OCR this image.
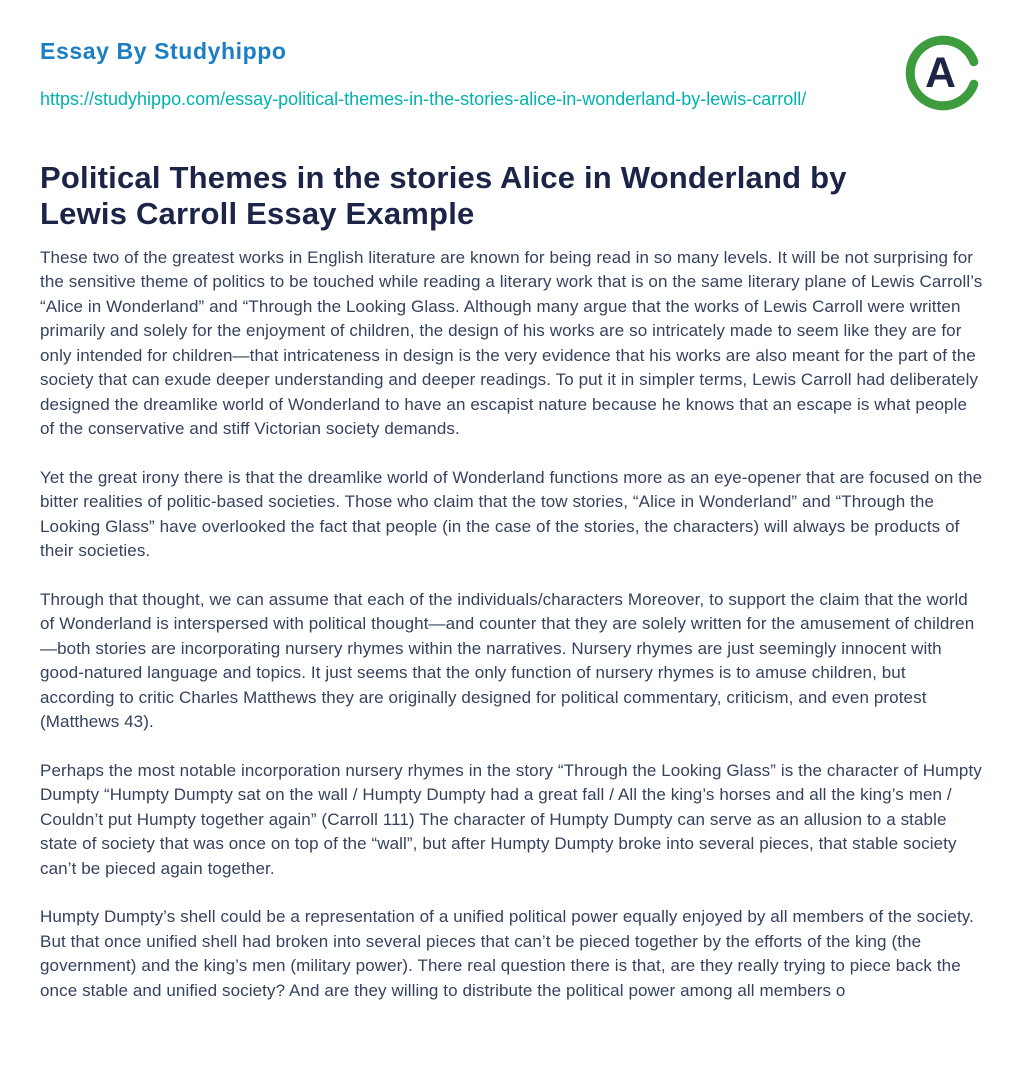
Essay By Studyhippo
https://studyhippo.com/essay-political-themes-in-the-stories-alice-in-wonderland-by-lewis-carroll/
A
Political Themes in the stories Alice in Wonderland by Lewis Carroll Essay Example

These two of the greatest works in English literature are known for being read in so many levels. It will be not surprising for the sensitive theme of politics to be touched while reading a literary work that is on the same literary plane of Lewis Carroll’s “Alice in Wonderland” and “Through the Looking Glass. Although many argue that the works of Lewis Carroll were written primarily and solely for the enjoyment of children, the design of his works are so intricately made to seem like they are for only intended for children—that intricateness in design is the very evidence that his works are also meant for the part of the society that can exude deeper understanding and deeper readings. To put it in simpler terms, Lewis Carroll had deliberately designed the dreamlike world of Wonderland to have an escapist nature because he knows that an escape is what people of the conservative and stiff Victorian society demands.

Yet the great irony there is that the dreamlike world of Wonderland functions more as an eye-opener that are focused on the bitter realities of politic-based societies. Those who claim that the tow stories, “Alice in Wonderland” and “Through the Looking Glass” have overlooked the fact that people (in the case of the stories, the characters) will always be products of their societies.

Through that thought, we can assume that each of the individuals/characters Moreover, to support the claim that the world of Wonderland is interspersed with political thought—and counter that they are solely written for the amusement of children—both stories are incorporating nursery rhymes within the narratives. Nursery rhymes are just seemingly innocent with good-natured language and topics. It just seems that the only function of nursery rhymes is to amuse children, but according to critic Charles Matthews they are originally designed for political commentary, criticism, and even protest (Matthews 43).

Perhaps the most notable incorporation nursery rhymes in the story “Through the Looking Glass” is the character of Humpty Dumpty “Humpty Dumpty sat on the wall / Humpty Dumpty had a great fall / All the king’s horses and all the king’s men / Couldn’t put Humpty together again” (Carroll 111) The character of Humpty Dumpty can serve as an allusion to a stable state of society that was once on top of the “wall”, but after Humpty Dumpty broke into several pieces, that stable society can’t be pieced again together.

Humpty Dumpty’s shell could be a representation of a unified political power equally enjoyed by all members of the society. But that once unified shell had broken into several pieces that can’t be pieced together by the efforts of the king (the government) and the king’s men (military power). There real question there is that, are they really trying to piece back the once stable and unified society? And are they willing to distribute the political power among all members o
